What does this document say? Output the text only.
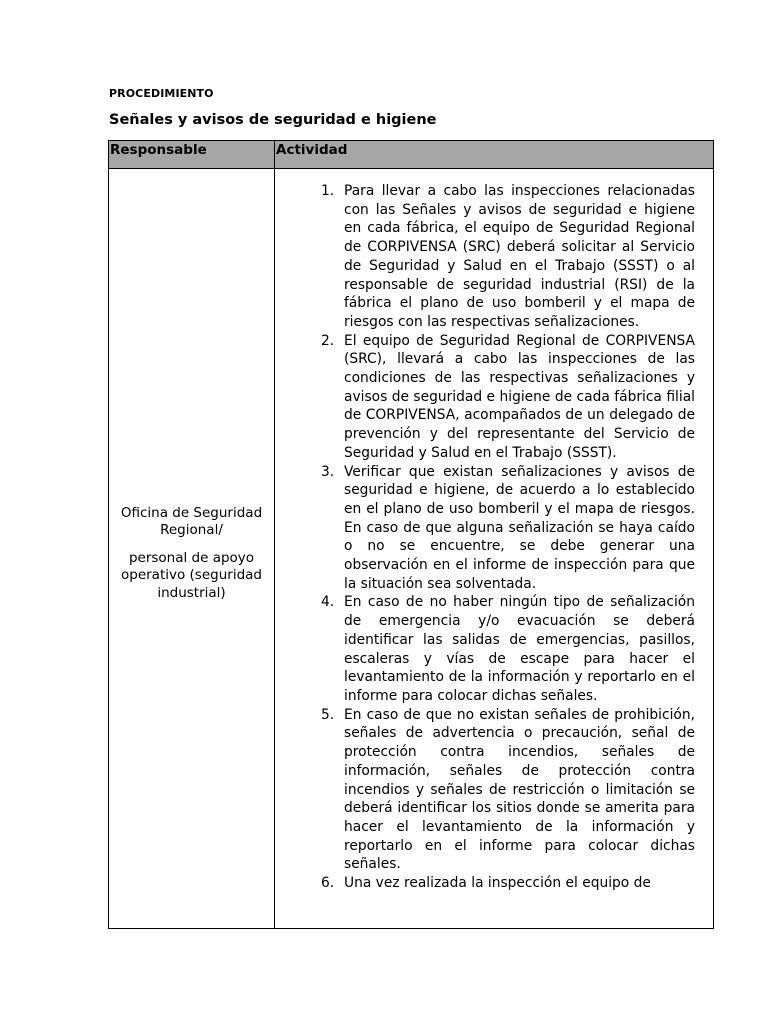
PROCEDIMIENTO
Señales y avisos de seguridad e higiene
Responsable	Actividad
Oficina de Seguridad Regional/
personal de apoyo operativo (seguridad industrial)
1. Para llevar a cabo las inspecciones relacionadas con las Señales y avisos de seguridad e higiene en cada fábrica, el equipo de Seguridad Regional de CORPIVENSA (SRC) deberá solicitar al Servicio de Seguridad y Salud en el Trabajo (SSST) o al responsable de seguridad industrial (RSI) de la fábrica el plano de uso bomberil y el mapa de riesgos con las respectivas señalizaciones.
2. El equipo de Seguridad Regional de CORPIVENSA (SRC), llevará a cabo las inspecciones de las condiciones de las respectivas señalizaciones y avisos de seguridad e higiene de cada fábrica filial de CORPIVENSA, acompañados de un delegado de prevención y del representante del Servicio de Seguridad y Salud en el Trabajo (SSST).
3. Verificar que existan señalizaciones y avisos de seguridad e higiene, de acuerdo a lo establecido en el plano de uso bomberil y el mapa de riesgos. En caso de que alguna señalización se haya caído o no se encuentre, se debe generar una observación en el informe de inspección para que la situación sea solventada.
4. En caso de no haber ningún tipo de señalización de emergencia y/o evacuación se deberá identificar las salidas de emergencias, pasillos, escaleras y vías de escape para hacer el levantamiento de la información y reportarlo en el informe para colocar dichas señales.
5. En caso de que no existan señales de prohibición, señales de advertencia o precaución, señal de protección contra incendios, señales de información, señales de protección contra incendios y señales de restricción o limitación se deberá identificar los sitios donde se amerita para hacer el levantamiento de la información y reportarlo en el informe para colocar dichas señales.
6. Una vez realizada la inspección el equipo de
